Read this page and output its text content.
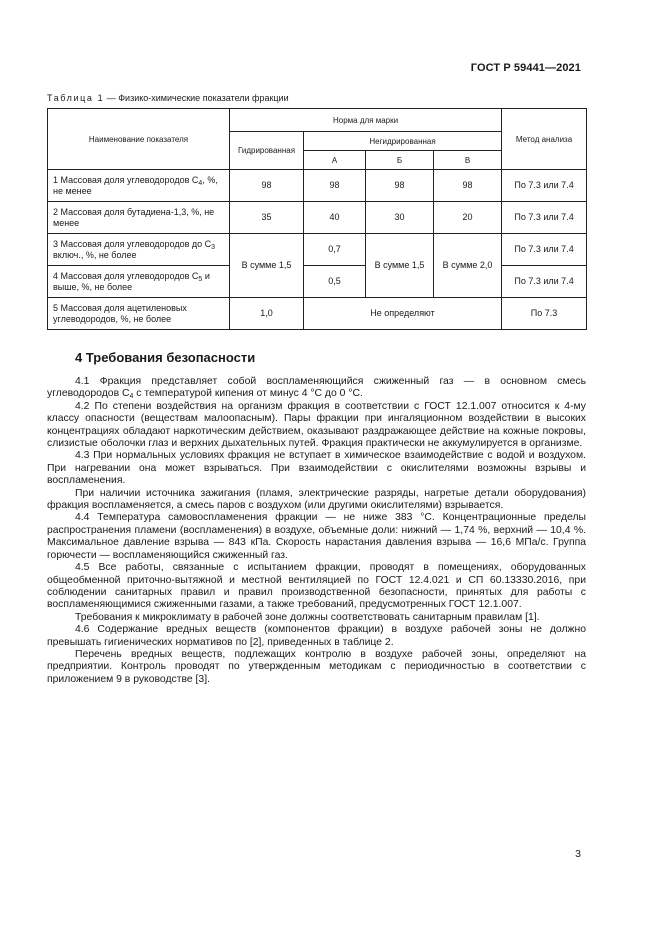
ГОСТ Р 59441—2021
Таблица 1 — Физико-химические показатели фракции
Наименование показателя	Норма для марки				Метод анализа
	Гидрированная	Негидрированная			
		А	Б	В	
1 Массовая доля углеводородов $С_4$, %, не менее	98	98	98	98	По 7.3 или 7.4
2 Массовая доля бутадиена-1,3, %, не менее	35	40	30	20	По 7.3 или 7.4
3 Массовая доля углеводородов до $С_3$ включ., %, не более	В сумме 1,5	0,7	В сумме 1,5	В сумме 2,0	По 7.3 или 7.4
4 Массовая доля углеводородов $С_5$ и выше, %, не более		0,5			По 7.3 или 7.4
5 Массовая доля ацетиленовых углеводородов, %, не более	1,0	Не определяют			По 7.3
4 Требования безопасности

4.1 Фракция представляет собой воспламеняющийся сжиженный газ — в основном смесь углеводородов $С_4$ с температурой кипения от минус 4 °С до 0 °С.

4.2 По степени воздействия на организм фракция в соответствии с ГОСТ 12.1.007 относится к 4-му классу опасности (веществам малоопасным). Пары фракции при ингаляционном воздействии в высоких концентрациях обладают наркотическим действием, оказывают раздражающее действие на кожные покровы, слизистые оболочки глаз и верхних дыхательных путей. Фракция практически не аккумулируется в организме.

4.3 При нормальных условиях фракция не вступает в химическое взаимодействие с водой и воздухом. При нагревании она может взрываться. При взаимодействии с окислителями возможны взрывы и воспламенения.

При наличии источника зажигания (пламя, электрические разряды, нагретые детали оборудования) фракция воспламеняется, а смесь паров с воздухом (или другими окислителями) взрывается.

4.4 Температура самовоспламенения фракции — не ниже 383 °С. Концентрационные пределы распространения пламени (воспламенения) в воздухе, объемные доли: нижний — 1,74 %, верхний — 10,4 %. Максимальное давление взрыва — 843 кПа. Скорость нарастания давления взрыва — 16,6 МПа/с. Группа горючести — воспламеняющийся сжиженный газ.

4.5 Все работы, связанные с испытанием фракции, проводят в помещениях, оборудованных общеобменной приточно-вытяжной и местной вентиляцией по ГОСТ 12.4.021 и СП 60.13330.2016, при соблюдении санитарных правил и правил производственной безопасности, принятых для работы с воспламеняющимися сжиженными газами, а также требований, предусмотренных ГОСТ 12.1.007.

Требования к микроклимату в рабочей зоне должны соответствовать санитарным правилам [1].

4.6 Содержание вредных веществ (компонентов фракции) в воздухе рабочей зоны не должно превышать гигиенических нормативов по [2], приведенных в таблице 2.

Перечень вредных веществ, подлежащих контролю в воздухе рабочей зоны, определяют на предприятии. Контроль проводят по утвержденным методикам с периодичностью в соответствии с приложением 9 в руководстве [3].

3
